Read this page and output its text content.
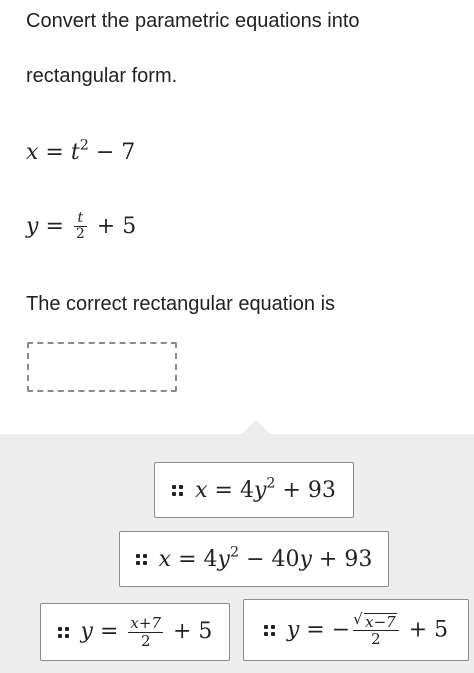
Convert the parametric equations into
rectangular form.
$x = t^2 - 7$
$y = \frac{t}{2} + 5$
The correct rectangular equation is
$x = 4y^2 + 93$
$x = 4y^2 - 40y + 93$
$y = \frac{x+7}{2} + 5$	y = −
√ $\frac{x-7}{2} + 5$
